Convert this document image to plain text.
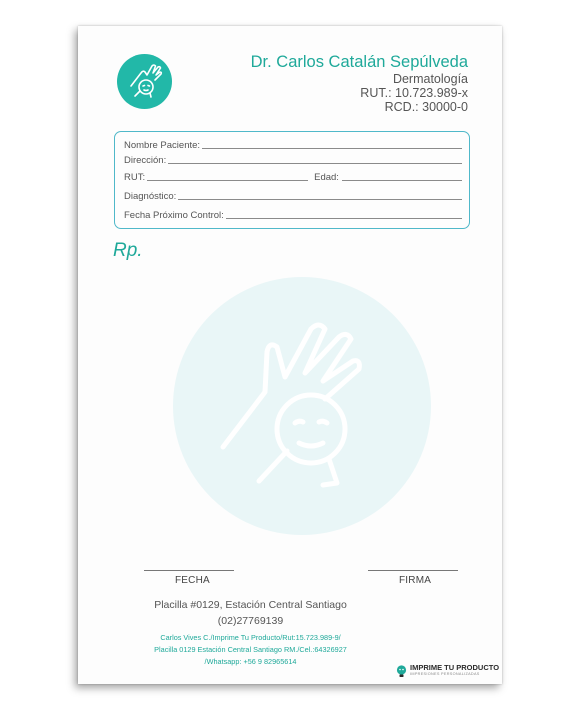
Dr. Carlos Catalán Sepúlveda
Dermatología
RUT.: 10.723.989-x
RCD.: 30000-0
Nombre Paciente:
Dirección:
RUT:	Edad:
Diagnóstico:
Fecha Próximo Control:
Rp.
FECHA	FIRMA
Placilla #0129, Estación Central Santiago
(02)27769139
Carlos Vives C./Imprime Tu Producto/Rut:15.723.989-9/
Placilla 0129 Estación Central Santiago RM./Cel.:64326927
/Whatsapp: +56 9 82965614
IMPRIME TU PRODUCTO
IMPRESIONES PERSONALIZADAS
